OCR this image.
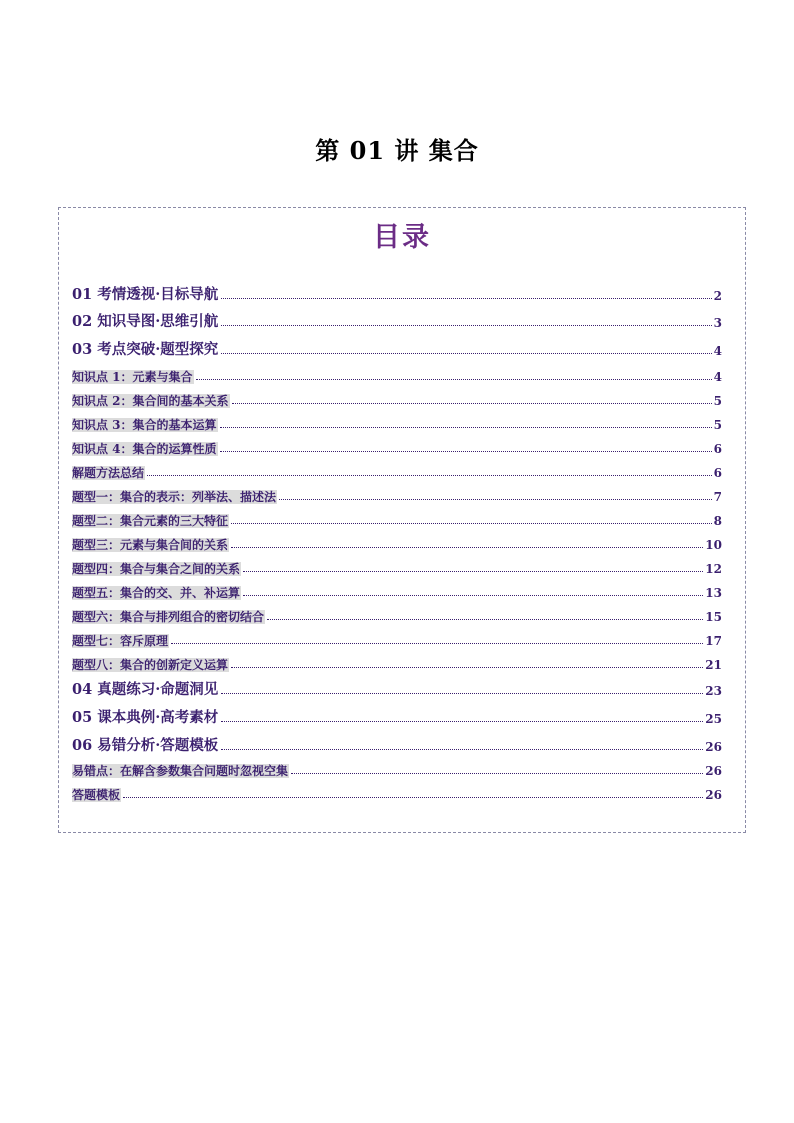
第 01 讲 集合
目录
01 考情透视·目标导航	2
02 知识导图·思维引航	3
03 考点突破·题型探究	4
知识点 1：元素与集合	4
知识点 2：集合间的基本关系	5
知识点 3：集合的基本运算	5
知识点 4：集合的运算性质	6
解题方法总结	6
题型一：集合的表示：列举法、描述法	7
题型二：集合元素的三大特征	8
题型三：元素与集合间的关系	10
题型四：集合与集合之间的关系	12
题型五：集合的交、并、补运算	13
题型六：集合与排列组合的密切结合	15
题型七：容斥原理	17
题型八：集合的创新定义运算	21
04 真题练习·命题洞见	23
05 课本典例·高考素材	25
06 易错分析·答题模板	26
易错点：在解含参数集合问题时忽视空集	26
答题模板	26
